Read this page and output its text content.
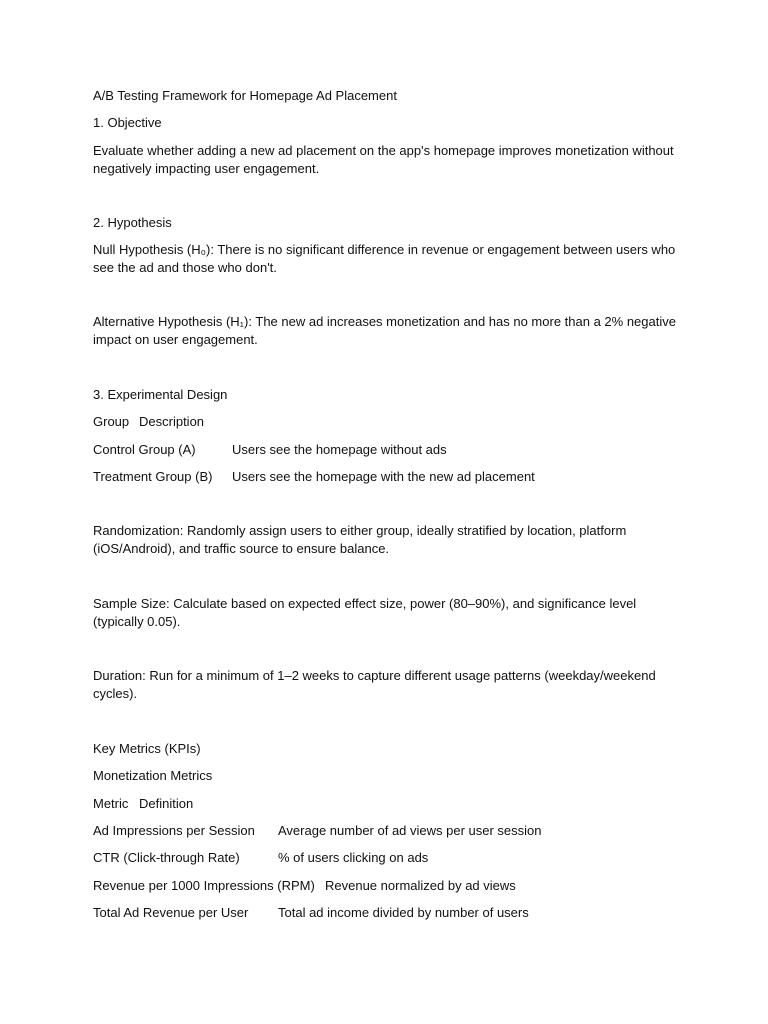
A/B Testing Framework for Homepage Ad Placement
1. Objective
Evaluate whether adding a new ad placement on the app's homepage improves monetization without negatively impacting user engagement.
2. Hypothesis
Null Hypothesis (H₀): There is no significant difference in revenue or engagement between users who see the ad and those who don't.
Alternative Hypothesis (H₁): The new ad increases monetization and has no more than a 2% negative impact on user engagement.
3. Experimental Design
Group Description
Control Group (A)	Users see the homepage without ads
Treatment Group (B) Users see the homepage with the new ad placement
Randomization: Randomly assign users to either group, ideally stratified by location, platform (iOS/Android), and traffic source to ensure balance.
Sample Size: Calculate based on expected effect size, power (80–90%), and significance level (typically 0.05).
Duration: Run for a minimum of 1–2 weeks to capture different usage patterns (weekday/weekend cycles).
Key Metrics (KPIs)
Monetization Metrics
Metric Definition
Ad Impressions per Session Average number of ad views per user session
CTR (Click-through Rate)	% of users clicking on ads
Revenue per 1000 Impressions (RPM) Revenue normalized by ad views
Total Ad Revenue per User Total ad income divided by number of users
